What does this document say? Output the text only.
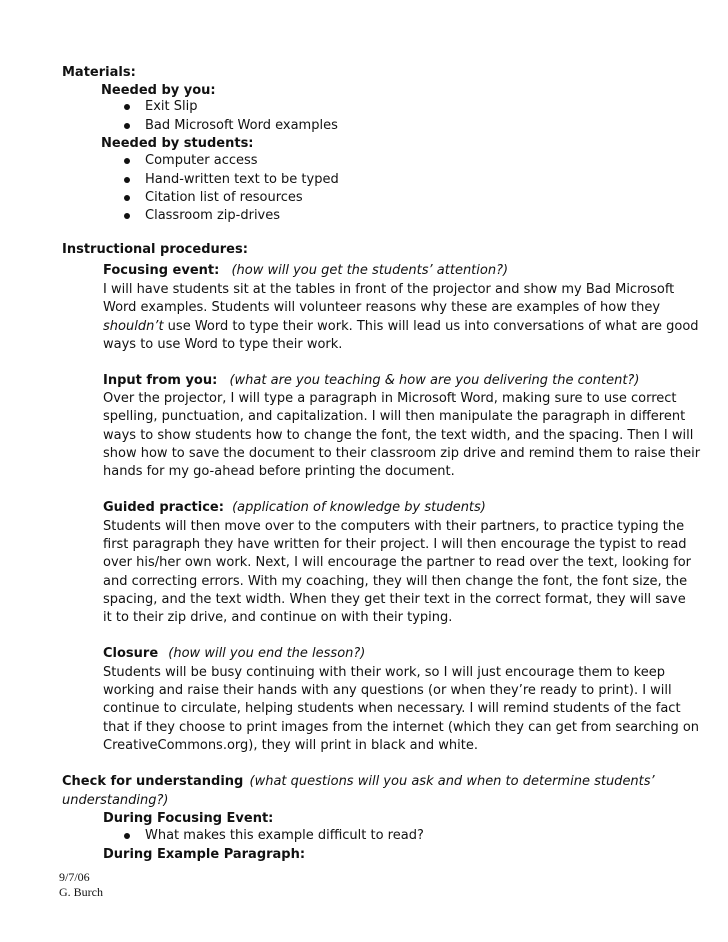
Materials:
Needed by you:
Exit Slip
Bad Microsoft Word examples
Needed by students:
Computer access
Hand-written text to be typed
Citation list of resources
Classroom zip-drives
Instructional procedures:
Focusing event: (how will you get the students’ attention?)
I will have students sit at the tables in front of the projector and show my Bad Microsoft
Word examples. Students will volunteer reasons why these are examples of how they
shouldn’t use Word to type their work. This will lead us into conversations of what are good
ways to use Word to type their work.
Input from you: (what are you teaching & how are you delivering the content?)
Over the projector, I will type a paragraph in Microsoft Word, making sure to use correct
spelling, punctuation, and capitalization. I will then manipulate the paragraph in different
ways to show students how to change the font, the text width, and the spacing. Then I will
show how to save the document to their classroom zip drive and remind them to raise their
hands for my go-ahead before printing the document.
Guided practice: (application of knowledge by students)
Students will then move over to the computers with their partners, to practice typing the
first paragraph they have written for their project. I will then encourage the typist to read
over his/her own work. Next, I will encourage the partner to read over the text, looking for
and correcting errors. With my coaching, they will then change the font, the font size, the
spacing, and the text width. When they get their text in the correct format, they will save
it to their zip drive, and continue on with their typing.
Closure (how will you end the lesson?)
Students will be busy continuing with their work, so I will just encourage them to keep
working and raise their hands with any questions (or when they’re ready to print). I will
continue to circulate, helping students when necessary. I will remind students of the fact
that if they choose to print images from the internet (which they can get from searching on
CreativeCommons.org), they will print in black and white.
Check for understanding (what questions will you ask and when to determine students’
understanding?)
During Focusing Event:
What makes this example difficult to read?
During Example Paragraph:
9/7/06
G. Burch
